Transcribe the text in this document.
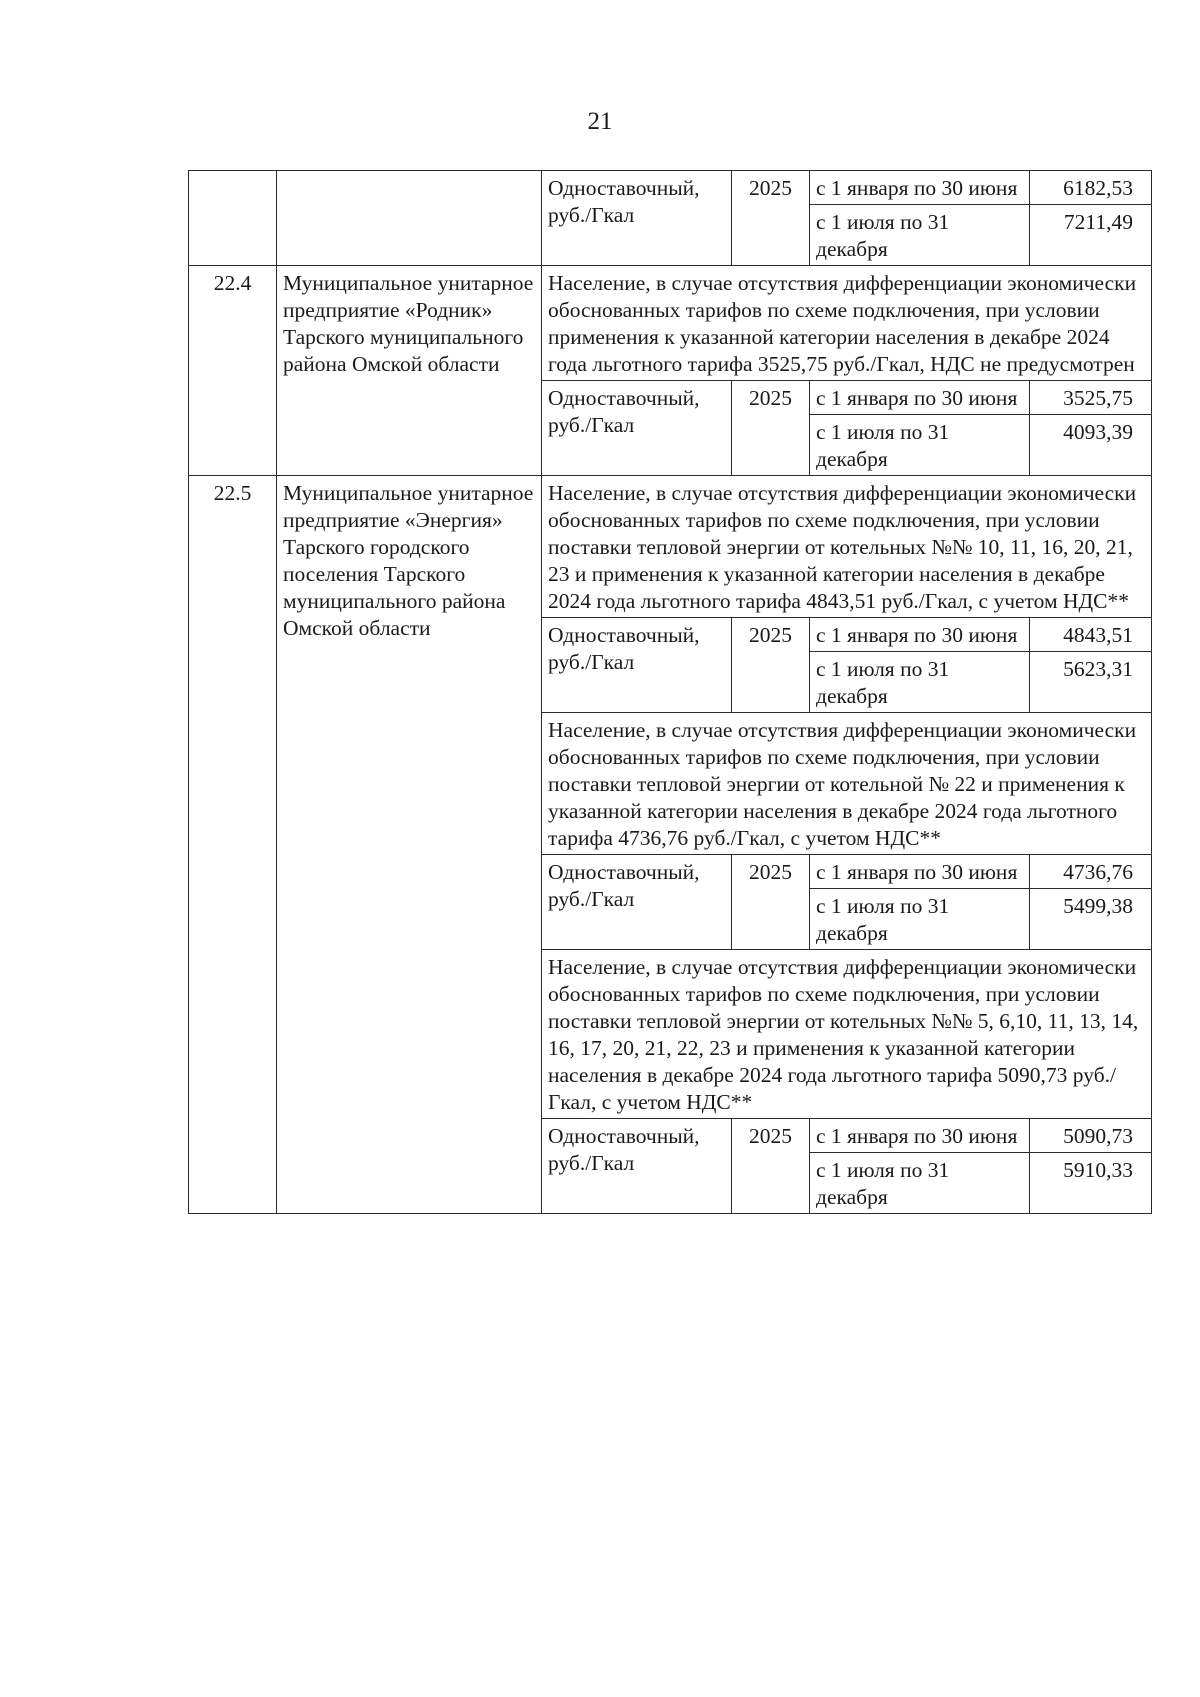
21
		Одноставочный, руб./Гкал	2025	с 1 января по 30 июня	6182,53
				с 1 июля по 31 декабря	7211,49
22.4	Муниципальное унитарное предприятие «Родник» Тарского муниципального района Омской области	Население, в случае отсутствия дифференциации экономически обоснованных тарифов по схеме подключения, при условии применения к указанной категории населения в декабре 2024 года льготного тарифа 3525,75 руб./Гкал, НДС не предусмотрен			
		Одноставочный, руб./Гкал	2025	с 1 января по 30 июня	3525,75
				с 1 июля по 31 декабря	4093,39
22.5	Муниципальное унитарное предприятие «Энергия» Тарского городского поселения Тарского муниципального района Омской области	Население, в случае отсутствия дифференциации экономически обоснованных тарифов по схеме подключения, при условии поставки тепловой энергии от котельных №№ 10, 11, 16, 20, 21, 23 и применения к указанной категории населения в декабре 2024 года льготного тарифа 4843,51 руб./Гкал, с учетом НДС**			
		Одноставочный, руб./Гкал	2025	с 1 января по 30 июня	4843,51
				с 1 июля по 31 декабря	5623,31
		Население, в случае отсутствия дифференциации экономически обоснованных тарифов по схеме подключения, при условии поставки тепловой энергии от котельной № 22 и применения к указанной категории населения в декабре 2024 года льготного тарифа 4736,76 руб./Гкал, с учетом НДС**			
		Одноставочный, руб./Гкал	2025	с 1 января по 30 июня	4736,76
				с 1 июля по 31 декабря	5499,38
		Население, в случае отсутствия дифференциации экономически обоснованных тарифов по схеме подключения, при условии поставки тепловой энергии от котельных №№ 5, 6,10, 11, 13, 14, 16, 17, 20, 21, 22, 23 и применения к указанной категории населения в декабре 2024 года льготного тарифа 5090,73 руб./Гкал, с учетом НДС**			
		Одноставочный, руб./Гкал	2025	с 1 января по 30 июня	5090,73
				с 1 июля по 31 декабря	5910,33
